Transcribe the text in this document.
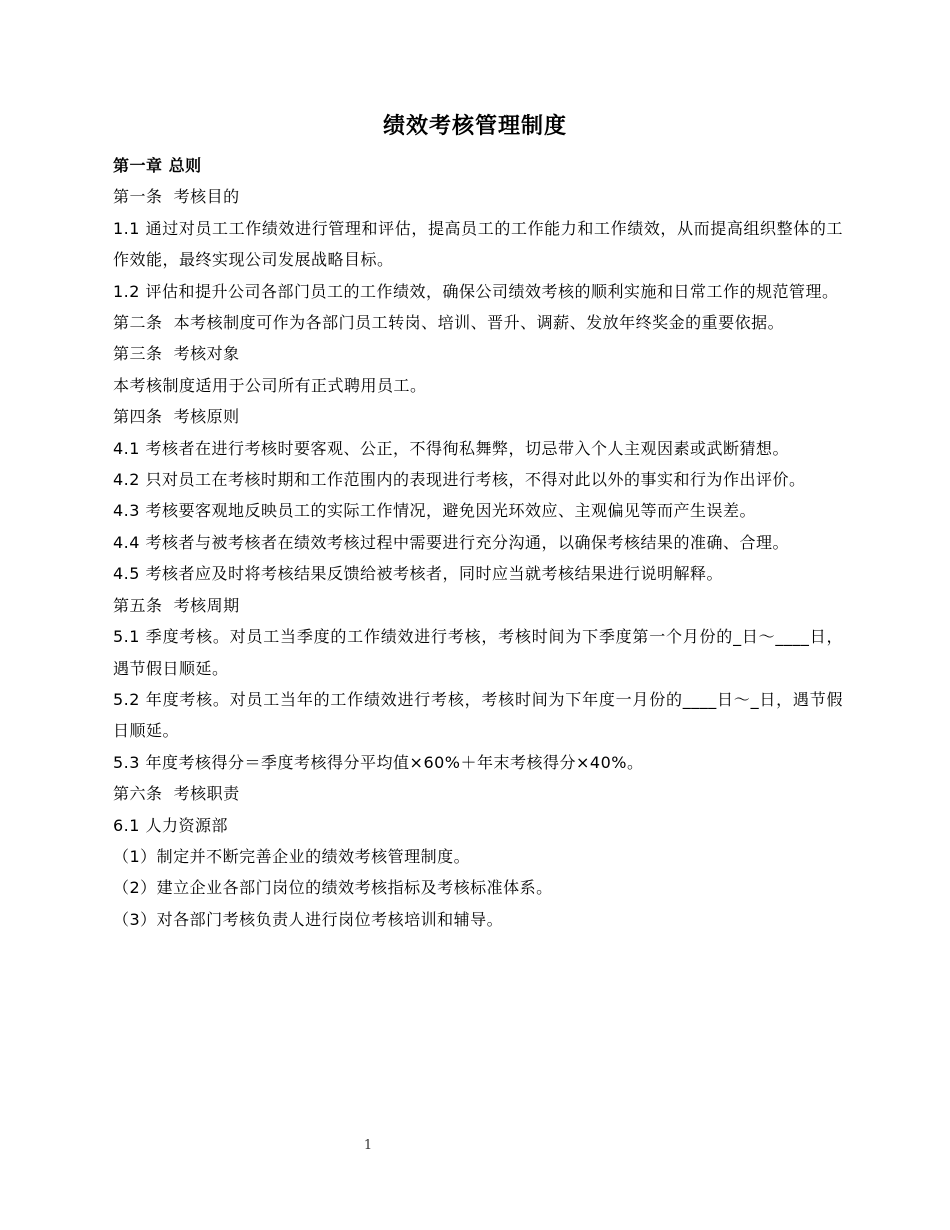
绩效考核管理制度

第一章 总则

第一条  考核目的

1.1 通过对员工工作绩效进行管理和评估，提高员工的工作能力和工作绩效，从而提高组织整体的工作效能，最终实现公司发展战略目标。

1.2 评估和提升公司各部门员工的工作绩效，确保公司绩效考核的顺利实施和日常工作的规范管理。

第二条  本考核制度可作为各部门员工转岗、培训、晋升、调薪、发放年终奖金的重要依据。

第三条  考核对象

本考核制度适用于公司所有正式聘用员工。

第四条  考核原则

4.1 考核者在进行考核时要客观、公正，不得徇私舞弊，切忌带入个人主观因素或武断猜想。

4.2 只对员工在考核时期和工作范围内的表现进行考核，不得对此以外的事实和行为作出评价。

4.3 考核要客观地反映员工的实际工作情况，避免因光环效应、主观偏见等而产生误差。

4.4 考核者与被考核者在绩效考核过程中需要进行充分沟通，以确保考核结果的准确、合理。

4.5 考核者应及时将考核结果反馈给被考核者，同时应当就考核结果进行说明解释。

第五条  考核周期

5.1 季度考核。对员工当季度的工作绩效进行考核，考核时间为下季度第一个月份的_日～____日，遇节假日顺延。

5.2 年度考核。对员工当年的工作绩效进行考核，考核时间为下年度一月份的____日～_日，遇节假日顺延。

5.3 年度考核得分＝季度考核得分平均值×60%＋年末考核得分×40%。

第六条  考核职责

6.1 人力资源部

（1）制定并不断完善企业的绩效考核管理制度。

（2）建立企业各部门岗位的绩效考核指标及考核标准体系。

（3）对各部门考核负责人进行岗位考核培训和辅导。

1
